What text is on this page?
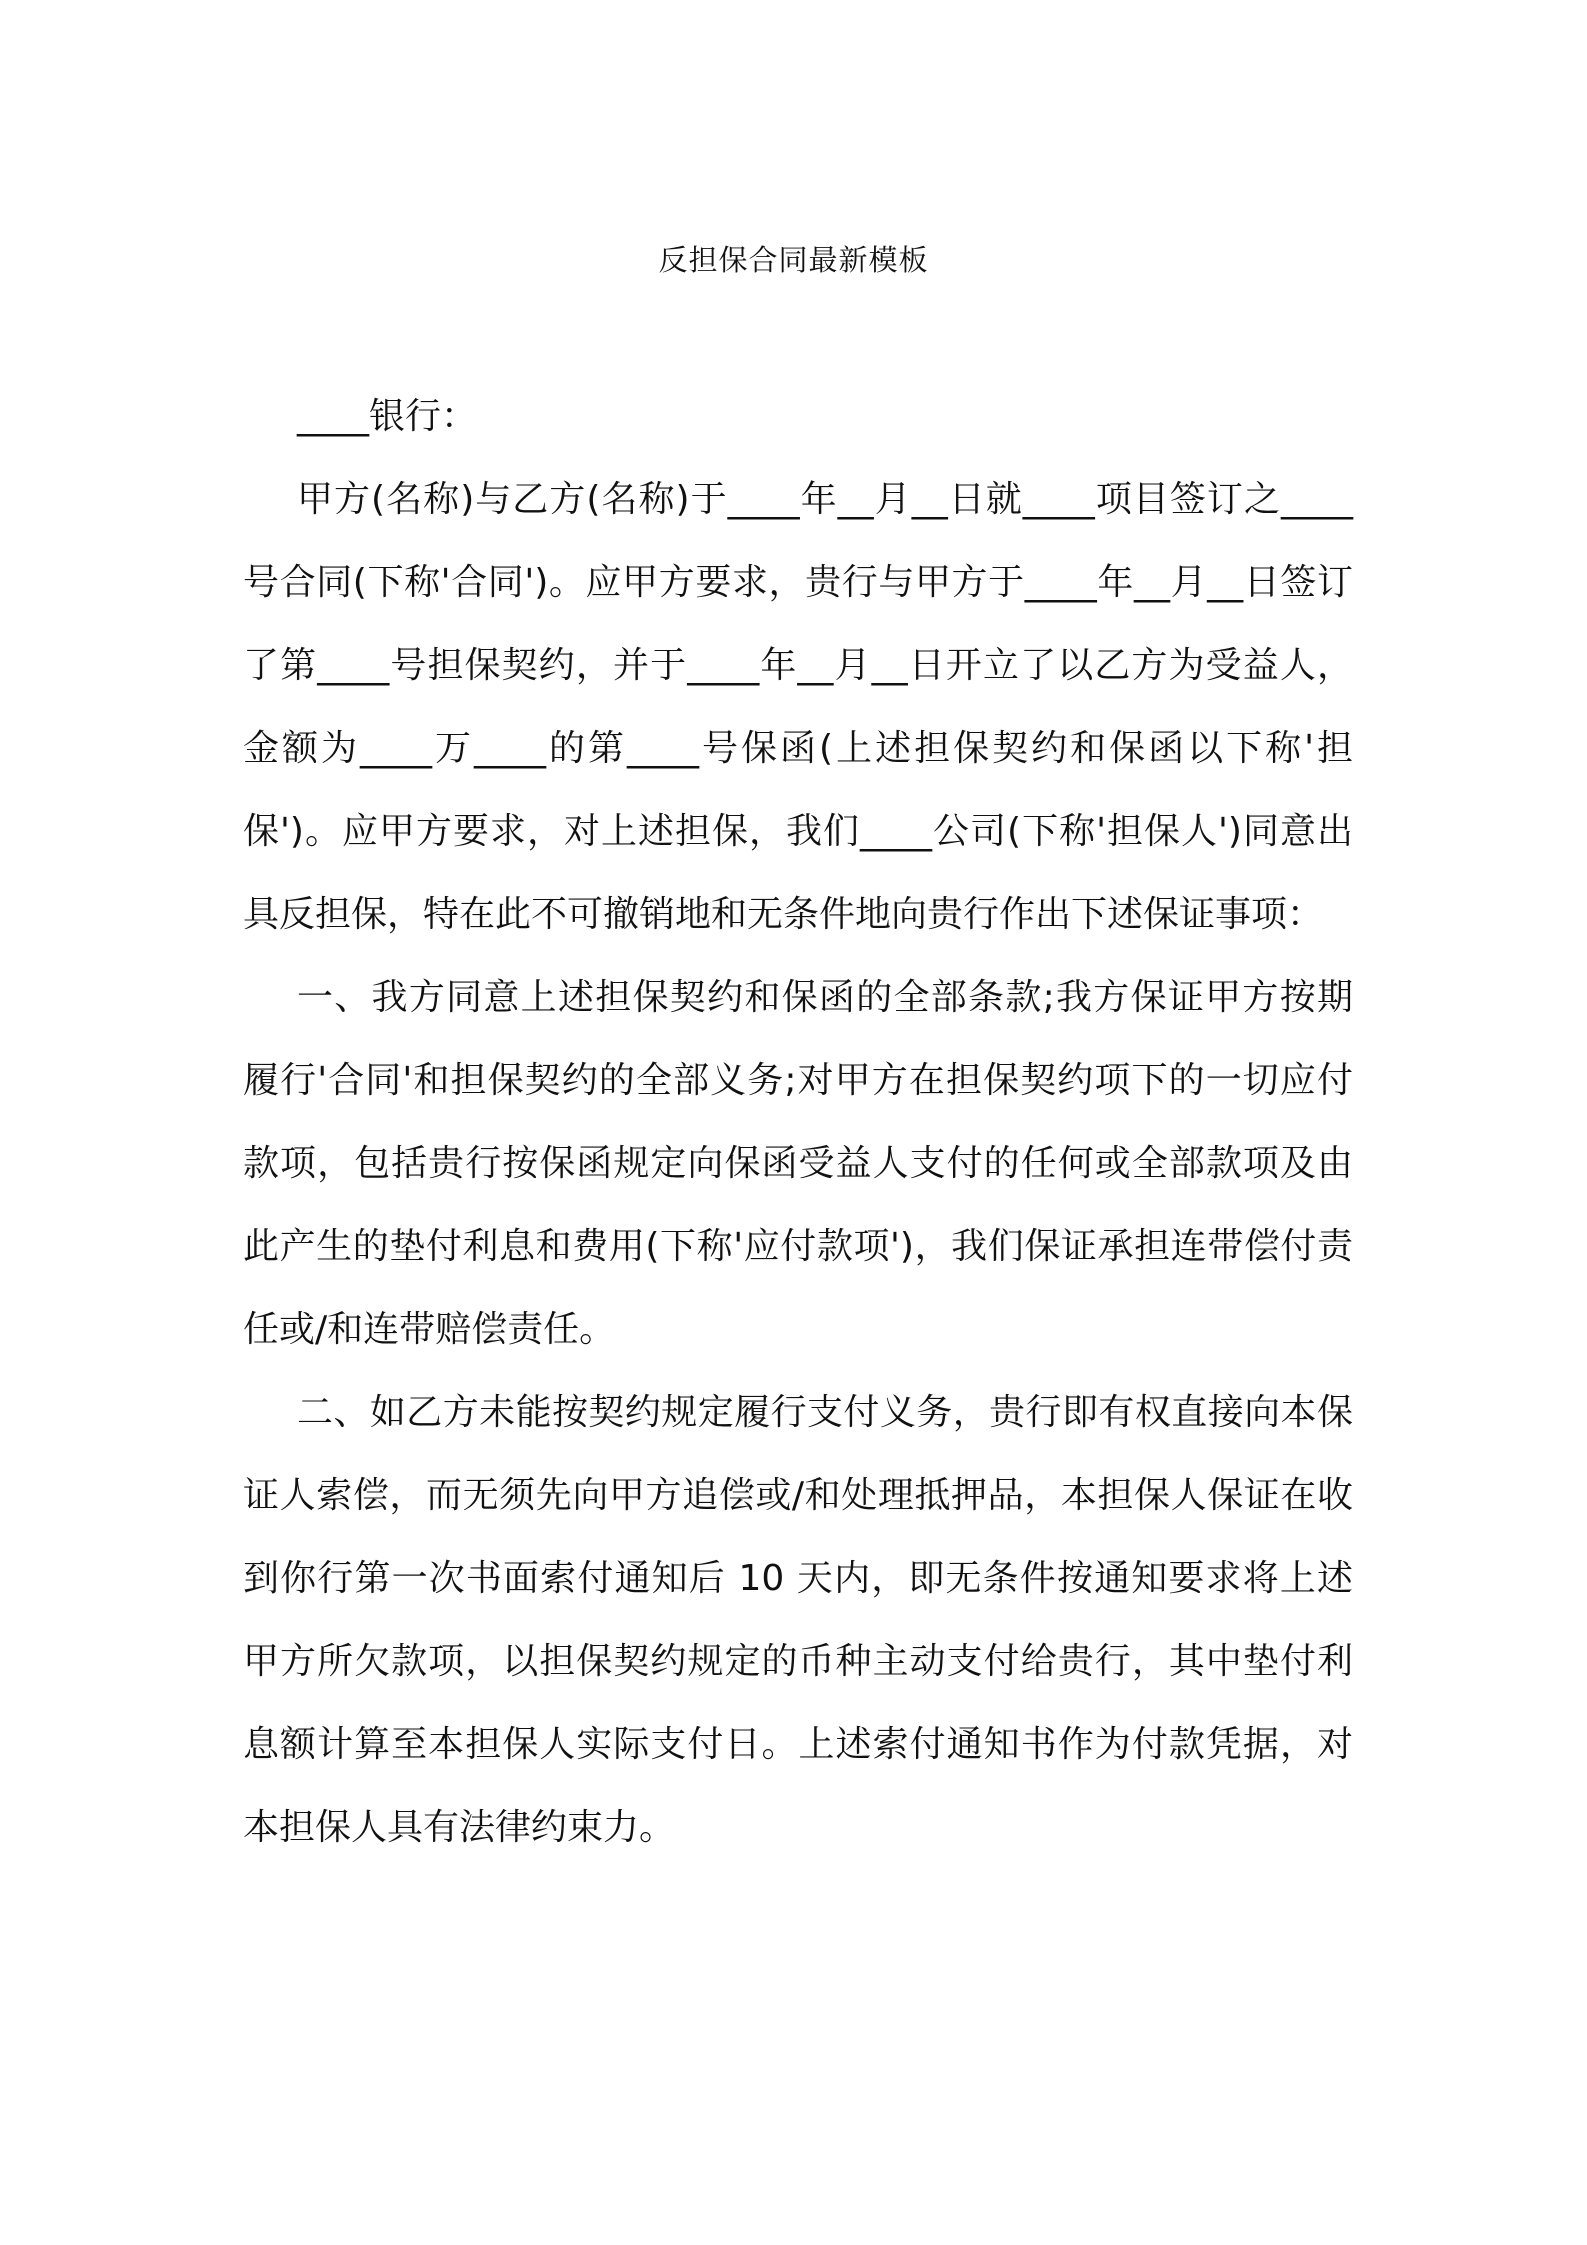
反担保合同最新模板

____银行：

甲方(名称)与乙方(名称)于____年__月__日就____项目签订之____号合同(下称'合同')。应甲方要求，贵行与甲方于____年__月__日签订了第____号担保契约，并于____年__月__日开立了以乙方为受益人，金额为____万____的第____号保函(上述担保契约和保函以下称'担保')。应甲方要求，对上述担保，我们____公司(下称'担保人')同意出具反担保，特在此不可撤销地和无条件地向贵行作出下述保证事项：

一、我方同意上述担保契约和保函的全部条款;我方保证甲方按期履行'合同'和担保契约的全部义务;对甲方在担保契约项下的一切应付款项，包括贵行按保函规定向保函受益人支付的任何或全部款项及由此产生的垫付利息和费用(下称'应付款项')，我们保证承担连带偿付责任或/和连带赔偿责任。

二、如乙方未能按契约规定履行支付义务，贵行即有权直接向本保证人索偿，而无须先向甲方追偿或/和处理抵押品，本担保人保证在收到你行第一次书面索付通知后 10 天内，即无条件按通知要求将上述甲方所欠款项，以担保契约规定的币种主动支付给贵行，其中垫付利息额计算至本担保人实际支付日。上述索付通知书作为付款凭据，对本担保人具有法律约束力。
